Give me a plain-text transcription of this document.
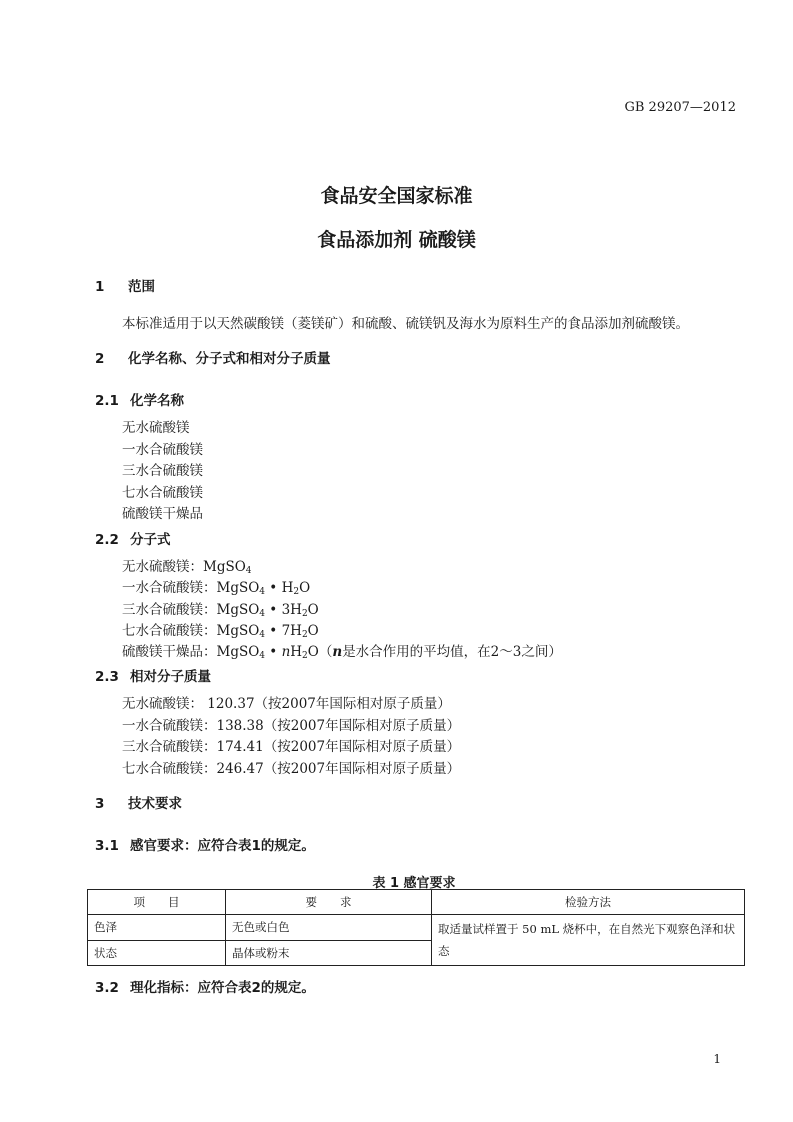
GB 29207—2012
食品安全国家标准
食品添加剂 硫酸镁
1 范围
本标准适用于以天然碳酸镁（菱镁矿）和硫酸、硫镁钒及海水为原料生产的食品添加剂硫酸镁。
2 化学名称、分子式和相对分子质量
2.1 化学名称
无水硫酸镁
一水合硫酸镁
三水合硫酸镁
七水合硫酸镁
硫酸镁干燥品
2.2 分子式
无水硫酸镁：MgSO$_4$
一水合硫酸镁：MgSO$_4$ • $H_2O$
三水合硫酸镁：MgSO$_4$ • $3H_2O$
七水合硫酸镁：MgSO$_4$ • $7H_2O$
硫酸镁干燥品：MgSO$_4$ • $nH_2O(n$是水合作用的平均值，在2～3之间）
2.3 相对分子质量
无水硫酸镁： 120.37（按2007年国际相对原子质量）
一水合硫酸镁：138.38（按2007年国际相对原子质量）
三水合硫酸镁：174.41（按2007年国际相对原子质量）
七水合硫酸镁：246.47（按2007年国际相对原子质量）
3 技术要求
3.1 感官要求：应符合表1的规定。
表 1 感官要求
项　　目	要　　求	检验方法
色泽	无色或白色	取适量试样置于 50 mL 烧杯中，在自然光下观察色泽和状态
状态	晶体或粉末	
3.2 理化指标：应符合表2的规定。
1
